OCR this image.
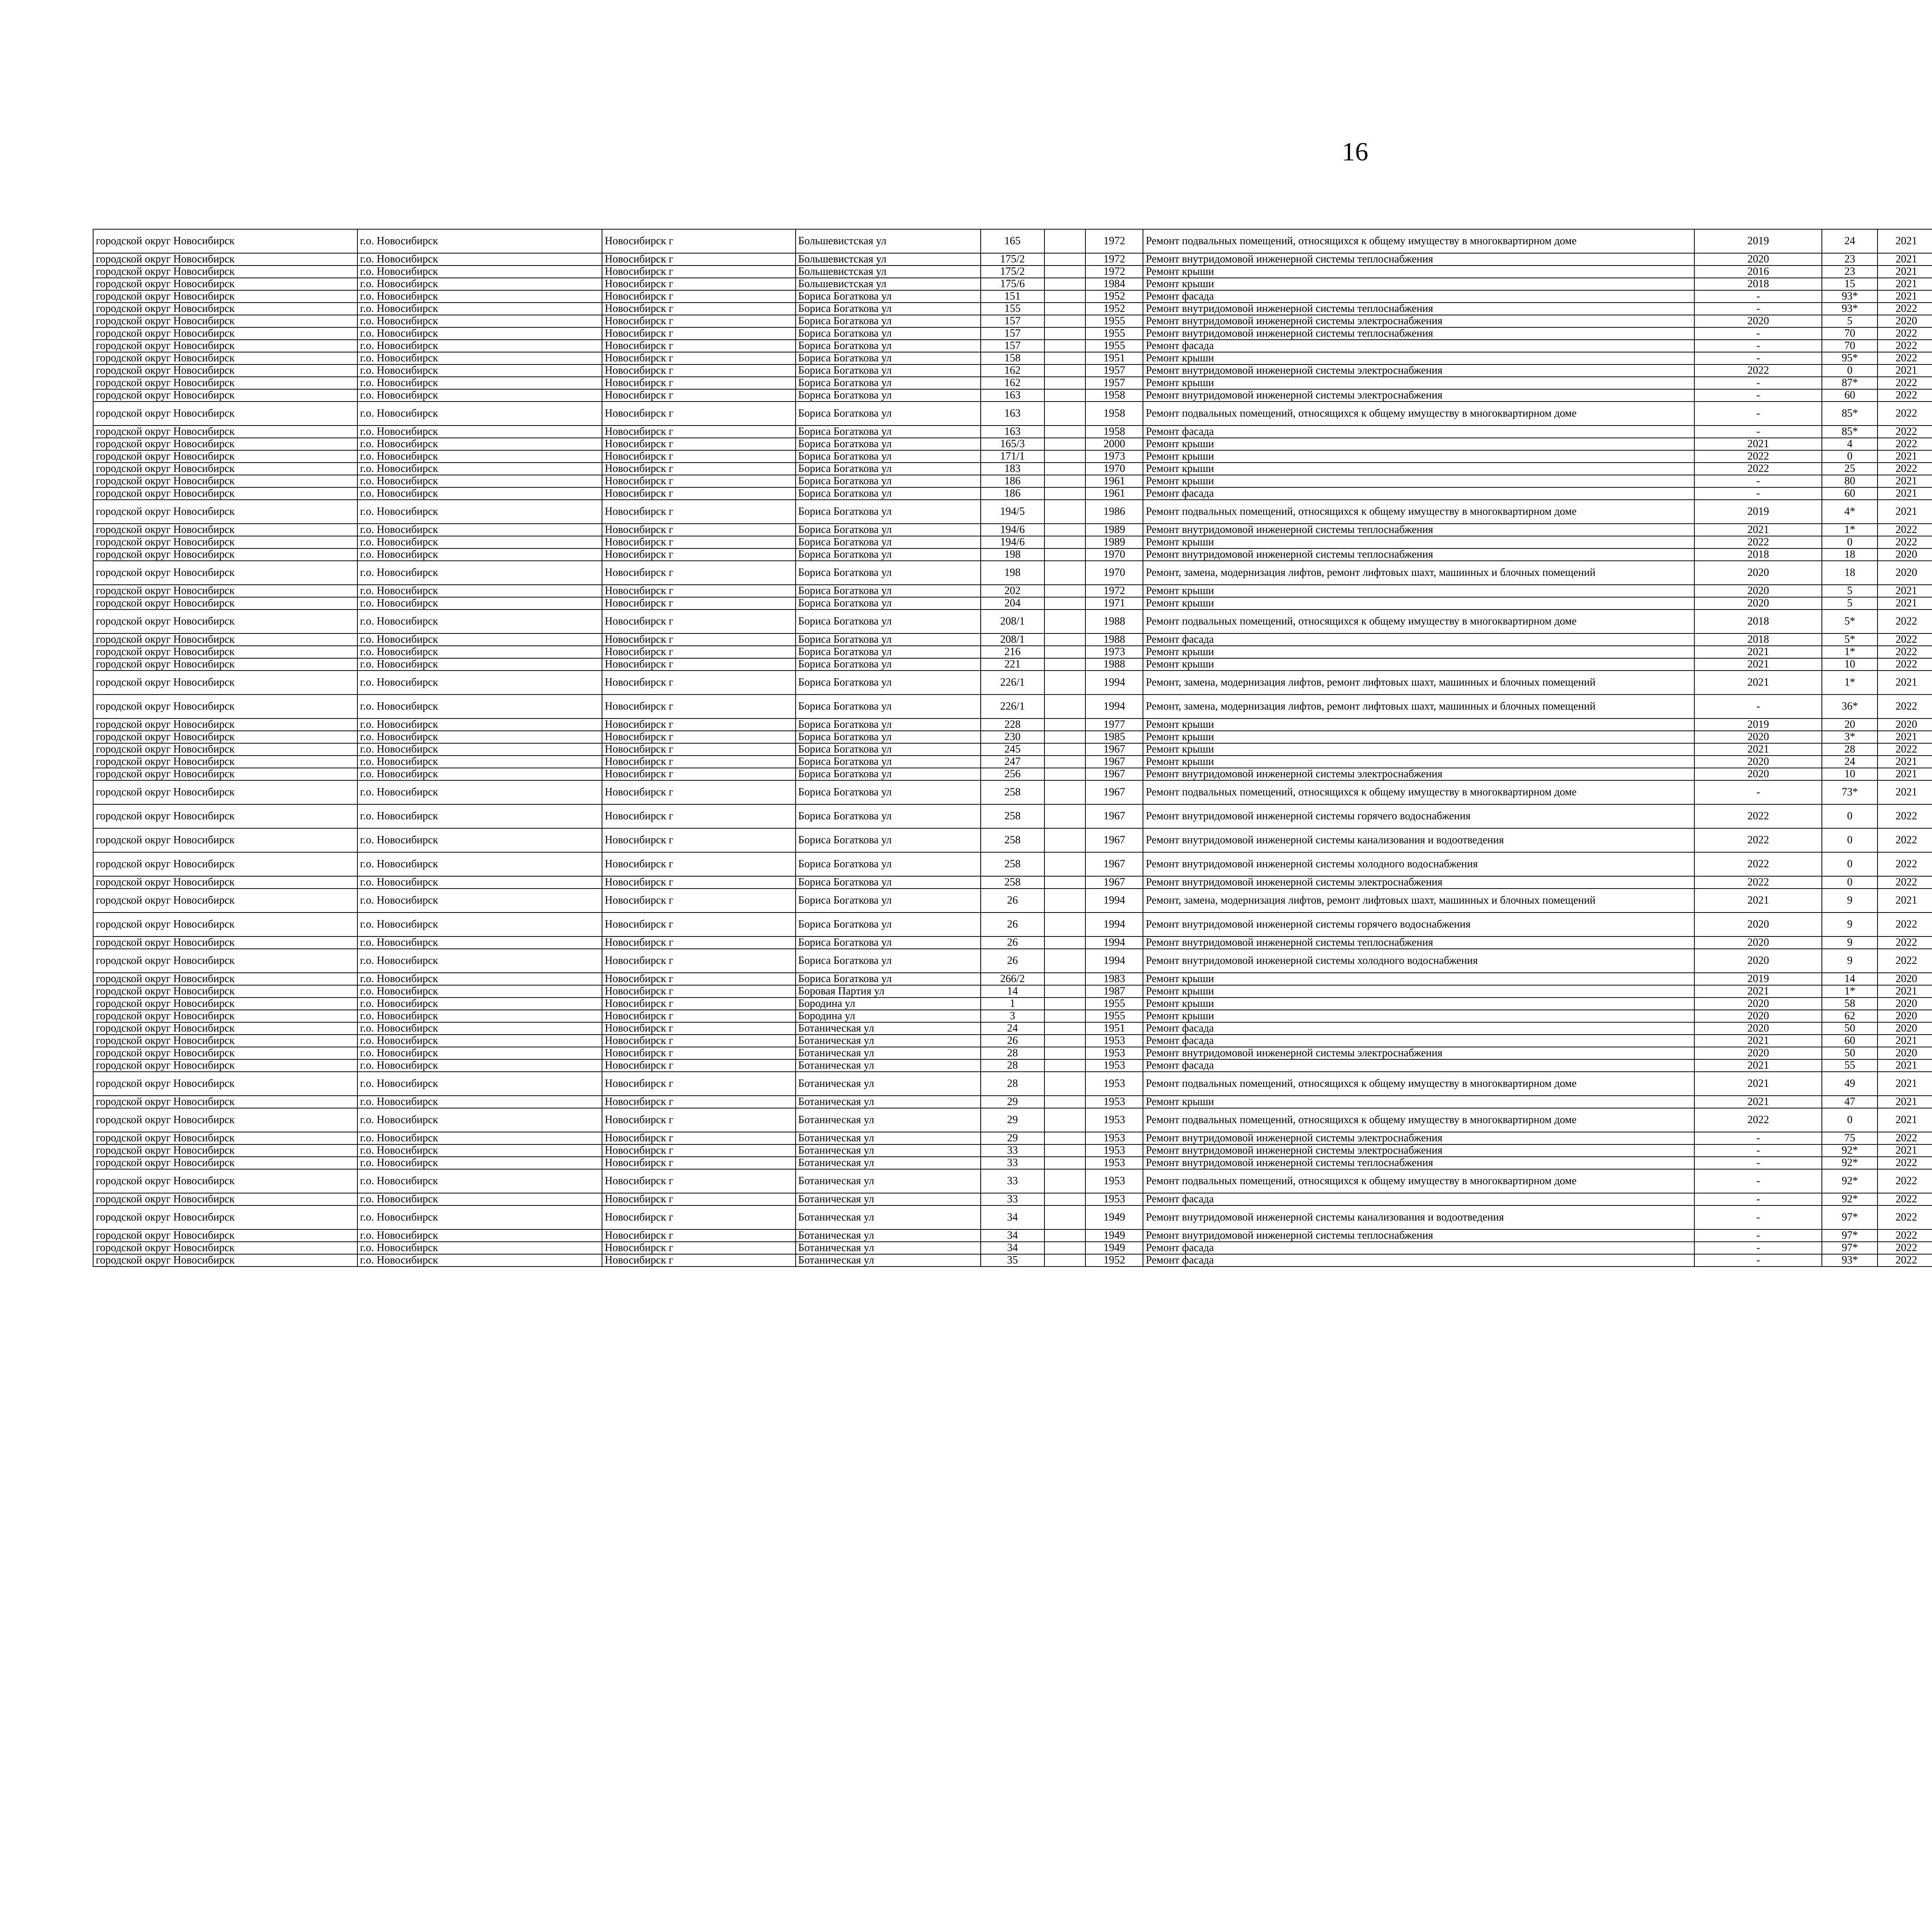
16
городской округ Новосибирск	г.о. Новосибирск	Новосибирск г	Большевистская ул	165		1972	Ремонт подвальных помещений, относящихся к общему имуществу в многоквартирном доме	2019	24	2021						
городской округ Новосибирск	г.о. Новосибирск	Новосибирск г	Большевистская ул	175/2		1972	Ремонт внутридомовой инженерной системы теплоснабжения	2020	23	2021						
городской округ Новосибирск	г.о. Новосибирск	Новосибирск г	Большевистская ул	175/2		1972	Ремонт крыши	2016	23	2021						
городской округ Новосибирск	г.о. Новосибирск	Новосибирск г	Большевистская ул	175/6		1984	Ремонт крыши	2018	15	2021						
городской округ Новосибирск	г.о. Новосибирск	Новосибирск г	Бориса Богаткова ул	151		1952	Ремонт фасада	-	93*	2021						
городской округ Новосибирск	г.о. Новосибирск	Новосибирск г	Бориса Богаткова ул	155		1952	Ремонт внутридомовой инженерной системы теплоснабжения	-	93*	2022						
городской округ Новосибирск	г.о. Новосибирск	Новосибирск г	Бориса Богаткова ул	157		1955	Ремонт внутридомовой инженерной системы электроснабжения	2020	5	2020						
городской округ Новосибирск	г.о. Новосибирск	Новосибирск г	Бориса Богаткова ул	157		1955	Ремонт внутридомовой инженерной системы теплоснабжения	-	70	2022						
городской округ Новосибирск	г.о. Новосибирск	Новосибирск г	Бориса Богаткова ул	157		1955	Ремонт фасада	-	70	2022						
городской округ Новосибирск	г.о. Новосибирск	Новосибирск г	Бориса Богаткова ул	158		1951	Ремонт крыши	-	95*	2022						
городской округ Новосибирск	г.о. Новосибирск	Новосибирск г	Бориса Богаткова ул	162		1957	Ремонт внутридомовой инженерной системы электроснабжения	2022	0	2021						
городской округ Новосибирск	г.о. Новосибирск	Новосибирск г	Бориса Богаткова ул	162		1957	Ремонт крыши	-	87*	2022						
городской округ Новосибирск	г.о. Новосибирск	Новосибирск г	Бориса Богаткова ул	163		1958	Ремонт внутридомовой инженерной системы электроснабжения	-	60	2022						
городской округ Новосибирск	г.о. Новосибирск	Новосибирск г	Бориса Богаткова ул	163		1958	Ремонт подвальных помещений, относящихся к общему имуществу в многоквартирном доме	-	85*	2022						
городской округ Новосибирск	г.о. Новосибирск	Новосибирск г	Бориса Богаткова ул	163		1958	Ремонт фасада	-	85*	2022						
городской округ Новосибирск	г.о. Новосибирск	Новосибирск г	Бориса Богаткова ул	165/3		2000	Ремонт крыши	2021	4	2022						
городской округ Новосибирск	г.о. Новосибирск	Новосибирск г	Бориса Богаткова ул	171/1		1973	Ремонт крыши	2022	0	2021						
городской округ Новосибирск	г.о. Новосибирск	Новосибирск г	Бориса Богаткова ул	183		1970	Ремонт крыши	2022	25	2022						
городской округ Новосибирск	г.о. Новосибирск	Новосибирск г	Бориса Богаткова ул	186		1961	Ремонт крыши	-	80	2021						
городской округ Новосибирск	г.о. Новосибирск	Новосибирск г	Бориса Богаткова ул	186		1961	Ремонт фасада	-	60	2021						
городской округ Новосибирск	г.о. Новосибирск	Новосибирск г	Бориса Богаткова ул	194/5		1986	Ремонт подвальных помещений, относящихся к общему имуществу в многоквартирном доме	2019	4*	2021						
городской округ Новосибирск	г.о. Новосибирск	Новосибирск г	Бориса Богаткова ул	194/6		1989	Ремонт внутридомовой инженерной системы теплоснабжения	2021	1*	2022						
городской округ Новосибирск	г.о. Новосибирск	Новосибирск г	Бориса Богаткова ул	194/6		1989	Ремонт крыши	2022	0	2022						
городской округ Новосибирск	г.о. Новосибирск	Новосибирск г	Бориса Богаткова ул	198		1970	Ремонт внутридомовой инженерной системы теплоснабжения	2018	18	2020						
городской округ Новосибирск	г.о. Новосибирск	Новосибирск г	Бориса Богаткова ул	198		1970	Ремонт, замена, модернизация лифтов, ремонт лифтовых шахт, машинных и блочных помещений	2020	18	2020						
городской округ Новосибирск	г.о. Новосибирск	Новосибирск г	Бориса Богаткова ул	202		1972	Ремонт крыши	2020	5	2021						
городской округ Новосибирск	г.о. Новосибирск	Новосибирск г	Бориса Богаткова ул	204		1971	Ремонт крыши	2020	5	2021						
городской округ Новосибирск	г.о. Новосибирск	Новосибирск г	Бориса Богаткова ул	208/1		1988	Ремонт подвальных помещений, относящихся к общему имуществу в многоквартирном доме	2018	5*	2022						
городской округ Новосибирск	г.о. Новосибирск	Новосибирск г	Бориса Богаткова ул	208/1		1988	Ремонт фасада	2018	5*	2022						
городской округ Новосибирск	г.о. Новосибирск	Новосибирск г	Бориса Богаткова ул	216		1973	Ремонт крыши	2021	1*	2022						
городской округ Новосибирск	г.о. Новосибирск	Новосибирск г	Бориса Богаткова ул	221		1988	Ремонт крыши	2021	10	2022						
городской округ Новосибирск	г.о. Новосибирск	Новосибирск г	Бориса Богаткова ул	226/1		1994	Ремонт, замена, модернизация лифтов, ремонт лифтовых шахт, машинных и блочных помещений	2021	1*	2021						
городской округ Новосибирск	г.о. Новосибирск	Новосибирск г	Бориса Богаткова ул	226/1		1994	Ремонт, замена, модернизация лифтов, ремонт лифтовых шахт, машинных и блочных помещений	-	36*	2022						
городской округ Новосибирск	г.о. Новосибирск	Новосибирск г	Бориса Богаткова ул	228		1977	Ремонт крыши	2019	20	2020						
городской округ Новосибирск	г.о. Новосибирск	Новосибирск г	Бориса Богаткова ул	230		1985	Ремонт крыши	2020	3*	2021						
городской округ Новосибирск	г.о. Новосибирск	Новосибирск г	Бориса Богаткова ул	245		1967	Ремонт крыши	2021	28	2022						
городской округ Новосибирск	г.о. Новосибирск	Новосибирск г	Бориса Богаткова ул	247		1967	Ремонт крыши	2020	24	2021						
городской округ Новосибирск	г.о. Новосибирск	Новосибирск г	Бориса Богаткова ул	256		1967	Ремонт внутридомовой инженерной системы электроснабжения	2020	10	2021						
городской округ Новосибирск	г.о. Новосибирск	Новосибирск г	Бориса Богаткова ул	258		1967	Ремонт подвальных помещений, относящихся к общему имуществу в многоквартирном доме	-	73*	2021						
городской округ Новосибирск	г.о. Новосибирск	Новосибирск г	Бориса Богаткова ул	258		1967	Ремонт внутридомовой инженерной системы горячего водоснабжения	2022	0	2022						
городской округ Новосибирск	г.о. Новосибирск	Новосибирск г	Бориса Богаткова ул	258		1967	Ремонт внутридомовой инженерной системы канализования и водоотведения	2022	0	2022						
городской округ Новосибирск	г.о. Новосибирск	Новосибирск г	Бориса Богаткова ул	258		1967	Ремонт внутридомовой инженерной системы холодного водоснабжения	2022	0	2022						
городской округ Новосибирск	г.о. Новосибирск	Новосибирск г	Бориса Богаткова ул	258		1967	Ремонт внутридомовой инженерной системы электроснабжения	2022	0	2022						
городской округ Новосибирск	г.о. Новосибирск	Новосибирск г	Бориса Богаткова ул	26		1994	Ремонт, замена, модернизация лифтов, ремонт лифтовых шахт, машинных и блочных помещений	2021	9	2021						
городской округ Новосибирск	г.о. Новосибирск	Новосибирск г	Бориса Богаткова ул	26		1994	Ремонт внутридомовой инженерной системы горячего водоснабжения	2020	9	2022						
городской округ Новосибирск	г.о. Новосибирск	Новосибирск г	Бориса Богаткова ул	26		1994	Ремонт внутридомовой инженерной системы теплоснабжения	2020	9	2022						
городской округ Новосибирск	г.о. Новосибирск	Новосибирск г	Бориса Богаткова ул	26		1994	Ремонт внутридомовой инженерной системы холодного водоснабжения	2020	9	2022						
городской округ Новосибирск	г.о. Новосибирск	Новосибирск г	Бориса Богаткова ул	266/2		1983	Ремонт крыши	2019	14	2020						
городской округ Новосибирск	г.о. Новосибирск	Новосибирск г	Боровая Партия ул	14		1987	Ремонт крыши	2021	1*	2021						
городской округ Новосибирск	г.о. Новосибирск	Новосибирск г	Бородина ул	1		1955	Ремонт крыши	2020	58	2020						
городской округ Новосибирск	г.о. Новосибирск	Новосибирск г	Бородина ул	3		1955	Ремонт крыши	2020	62	2020						
городской округ Новосибирск	г.о. Новосибирск	Новосибирск г	Ботаническая ул	24		1951	Ремонт фасада	2020	50	2020						
городской округ Новосибирск	г.о. Новосибирск	Новосибирск г	Ботаническая ул	26		1953	Ремонт фасада	2021	60	2021						
городской округ Новосибирск	г.о. Новосибирск	Новосибирск г	Ботаническая ул	28		1953	Ремонт внутридомовой инженерной системы электроснабжения	2020	50	2020						
городской округ Новосибирск	г.о. Новосибирск	Новосибирск г	Ботаническая ул	28		1953	Ремонт фасада	2021	55	2021						
городской округ Новосибирск	г.о. Новосибирск	Новосибирск г	Ботаническая ул	28		1953	Ремонт подвальных помещений, относящихся к общему имуществу в многоквартирном доме	2021	49	2021						
городской округ Новосибирск	г.о. Новосибирск	Новосибирск г	Ботаническая ул	29		1953	Ремонт крыши	2021	47	2021						
городской округ Новосибирск	г.о. Новосибирск	Новосибирск г	Ботаническая ул	29		1953	Ремонт подвальных помещений, относящихся к общему имуществу в многоквартирном доме	2022	0	2021						
городской округ Новосибирск	г.о. Новосибирск	Новосибирск г	Ботаническая ул	29		1953	Ремонт внутридомовой инженерной системы электроснабжения	-	75	2022						
городской округ Новосибирск	г.о. Новосибирск	Новосибирск г	Ботаническая ул	33		1953	Ремонт внутридомовой инженерной системы электроснабжения	-	92*	2021						
городской округ Новосибирск	г.о. Новосибирск	Новосибирск г	Ботаническая ул	33		1953	Ремонт внутридомовой инженерной системы теплоснабжения	-	92*	2022						
городской округ Новосибирск	г.о. Новосибирск	Новосибирск г	Ботаническая ул	33		1953	Ремонт подвальных помещений, относящихся к общему имуществу в многоквартирном доме	-	92*	2022						
городской округ Новосибирск	г.о. Новосибирск	Новосибирск г	Ботаническая ул	33		1953	Ремонт фасада	-	92*	2022						
городской округ Новосибирск	г.о. Новосибирск	Новосибирск г	Ботаническая ул	34		1949	Ремонт внутридомовой инженерной системы канализования и водоотведения	-	97*	2022						
городской округ Новосибирск	г.о. Новосибирск	Новосибирск г	Ботаническая ул	34		1949	Ремонт внутридомовой инженерной системы теплоснабжения	-	97*	2022						
городской округ Новосибирск	г.о. Новосибирск	Новосибирск г	Ботаническая ул	34		1949	Ремонт фасада	-	97*	2022						
городской округ Новосибирск	г.о. Новосибирск	Новосибирск г	Ботаническая ул	35		1952	Ремонт фасада	-	93*	2022						
